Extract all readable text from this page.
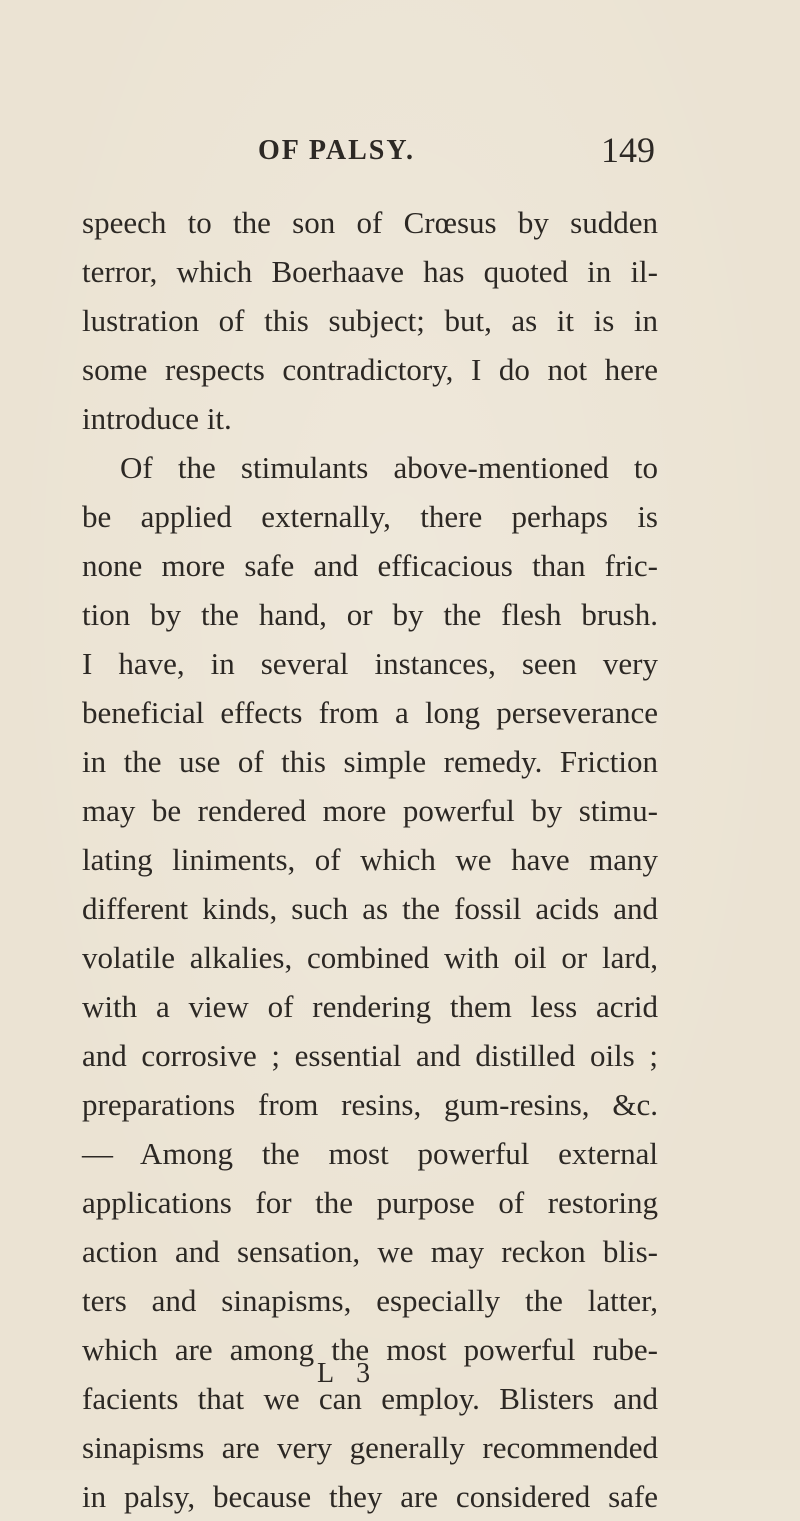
OF PALSY.	149
speech to the son of Crœsus by sudden
terror, which Boerhaave has quoted in il-
lustration of this subject; but, as it is in
some respects contradictory, I do not here
introduce it.
Of the stimulants above-mentioned to
be applied externally, there perhaps is
none more safe and efficacious than fric-
tion by the hand, or by the flesh brush.
I have, in several instances, seen very
beneficial effects from a long perseverance
in the use of this simple remedy. Friction
may be rendered more powerful by stimu-
lating liniments, of which we have many
different kinds, such as the fossil acids and
volatile alkalies, combined with oil or lard,
with a view of rendering them less acrid
and corrosive ; essential and distilled oils ;
preparations from resins, gum-resins, &c.
— Among the most powerful external
applications for the purpose of restoring
action and sensation, we may reckon blis-
ters and sinapisms, especially the latter,
which are among the most powerful rube-
facients that we can employ. Blisters and
sinapisms are very generally recommended
in palsy, because they are considered safe
L 3
